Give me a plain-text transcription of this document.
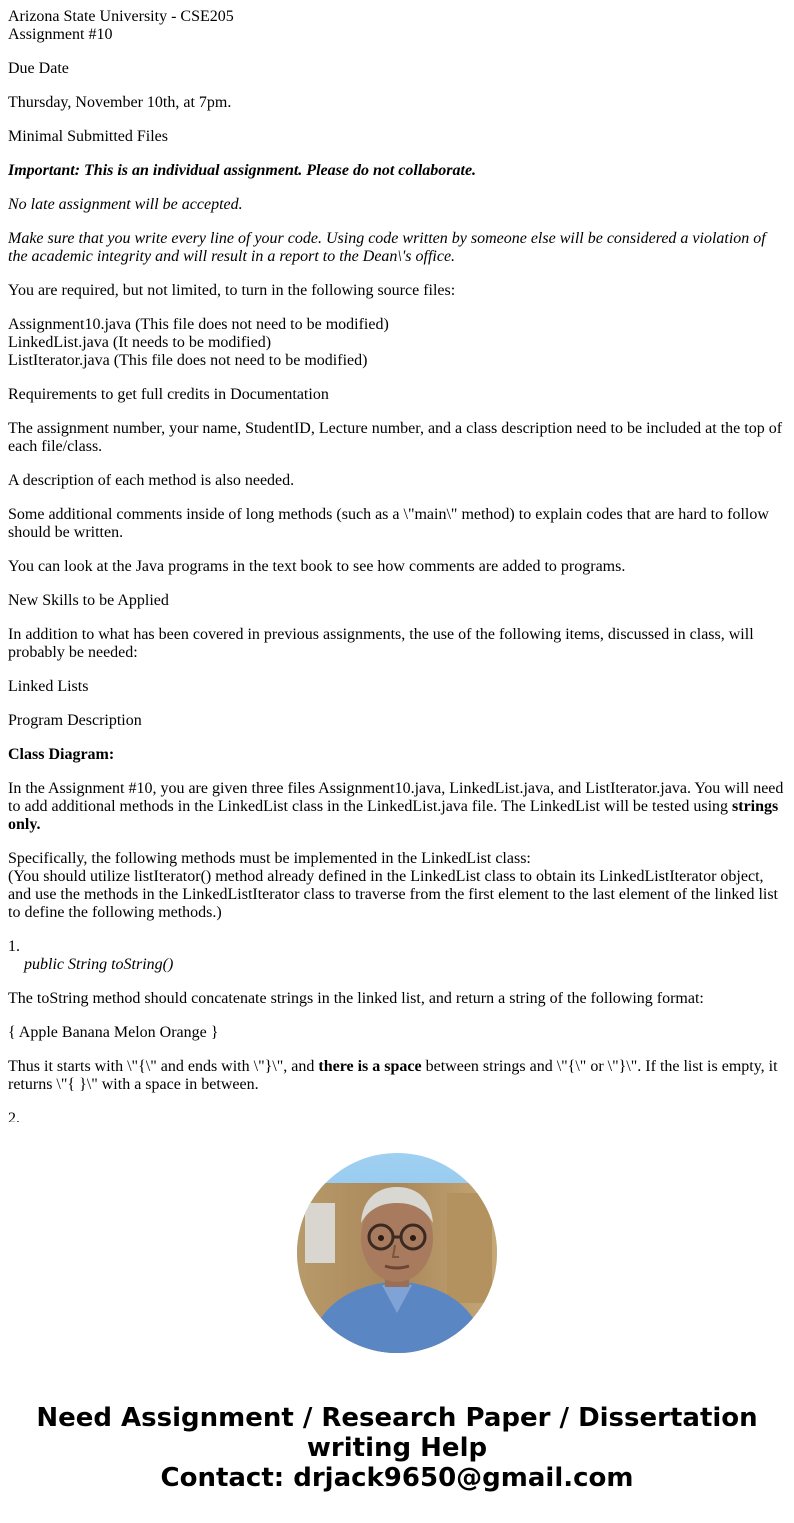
Arizona State University - CSE205
Assignment #10

Due Date

Thursday, November 10th, at 7pm.

Minimal Submitted Files

Important: This is an individual assignment. Please do not collaborate.

No late assignment will be accepted.

Make sure that you write every line of your code. Using code written by someone else will be considered a violation of the academic integrity and will result in a report to the Dean\'s office.

You are required, but not limited, to turn in the following source files:

Assignment10.java (This file does not need to be modified)
LinkedList.java (It needs to be modified)
ListIterator.java (This file does not need to be modified)

Requirements to get full credits in Documentation

The assignment number, your name, StudentID, Lecture number, and a class description need to be included at the top of each file/class.

A description of each method is also needed.

Some additional comments inside of long methods (such as a \"main\" method) to explain codes that are hard to follow should be written.

You can look at the Java programs in the text book to see how comments are added to programs.

New Skills to be Applied

In addition to what has been covered in previous assignments, the use of the following items, discussed in class, will probably be needed:

Linked Lists

Program Description

Class Diagram:

In the Assignment #10, you are given three files Assignment10.java, LinkedList.java, and ListIterator.java. You will need to add additional methods in the LinkedList class in the LinkedList.java file. The LinkedList will be tested using strings only.

Specifically, the following methods must be implemented in the LinkedList class:
(You should utilize listIterator() method already defined in the LinkedList class to obtain its LinkedListIterator object, and use the methods in the LinkedListIterator class to traverse from the first element to the last element of the linked list to define the following methods.)

1.
public String toString()

The toString method should concatenate strings in the linked list, and return a string of the following format:

{ Apple Banana Melon Orange }

Thus it starts with \"{\" and ends with \"}\", and there is a space between strings and \"{\" or \"}\". If the list is empty, it returns \"{ }\" with a space in between.

2.
Need Assignment / Research Paper / Dissertation
writing Help
Contact: drjack9650@gmail.com
